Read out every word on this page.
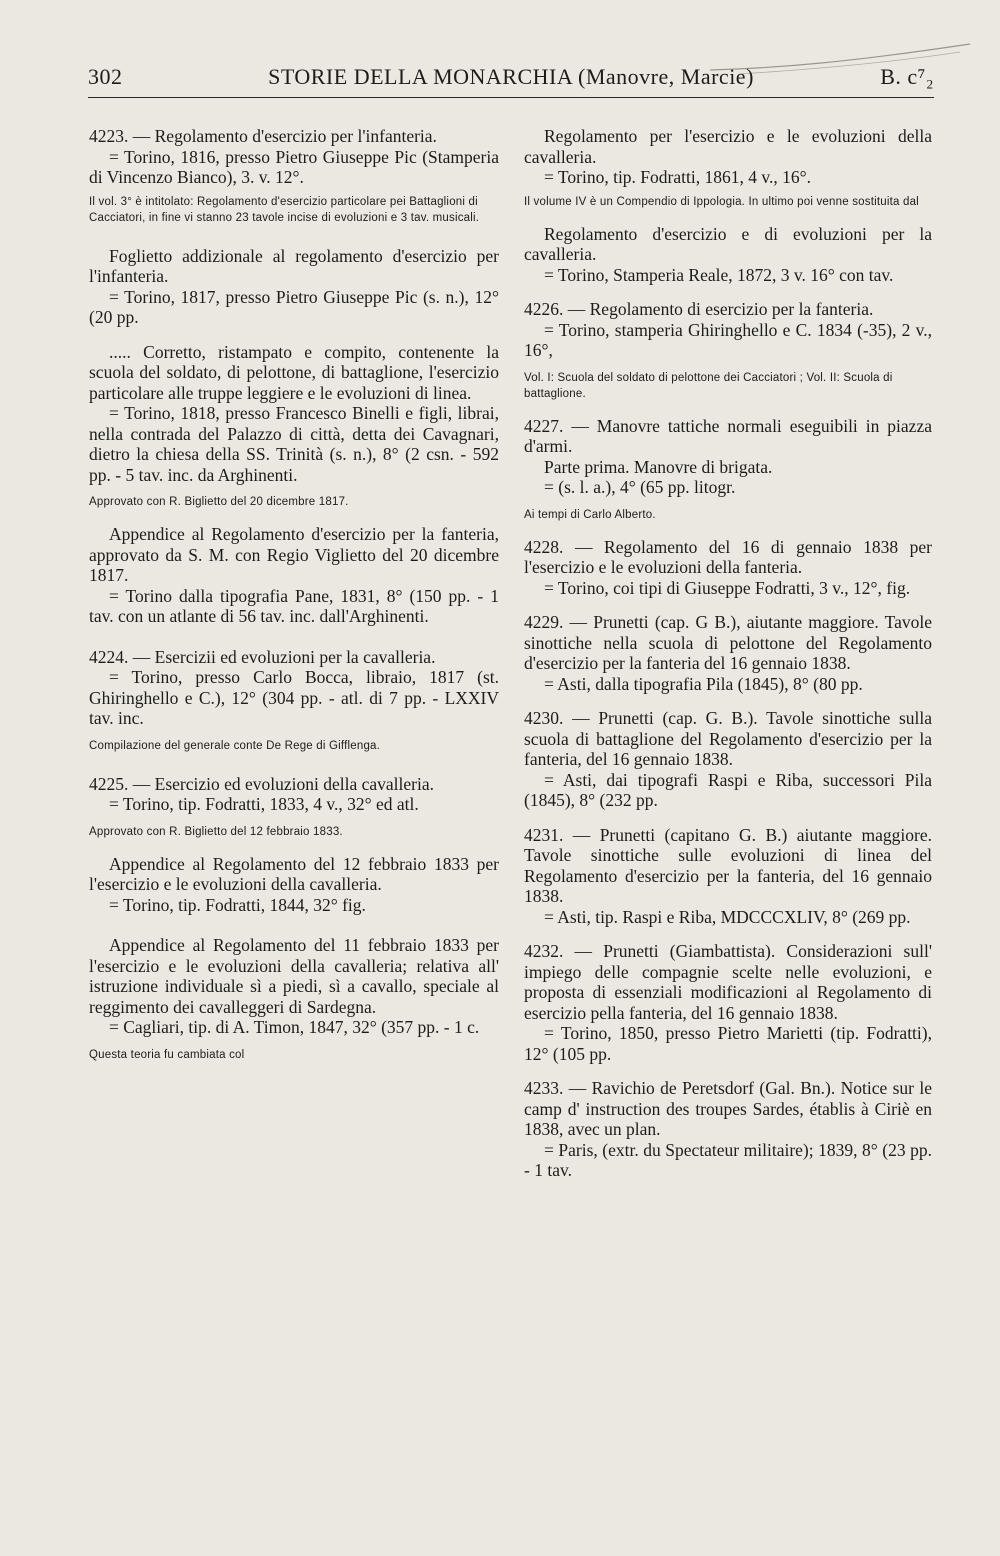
302	STORIE DELLA MONARCHIA (Manovre, Marcie)	B. c⁷₂

4223. — Regolamento d'esercizio per l'infanteria.

= Torino, 1816, presso Pietro Giuseppe Pic (Stamperia di Vincenzo Bianco), 3. v. 12°.

Il vol. 3° è intitolato: Regolamento d'esercizio particolare pei Battaglioni di Cacciatori, in fine vi stanno 23 tavole incise di evoluzioni e 3 tav. musicali.

Foglietto addizionale al regolamento d'esercizio per l'infanteria.

= Torino, 1817, presso Pietro Giuseppe Pic (s. n.), 12° (20 pp.

..... Corretto, ristampato e compito, contenente la scuola del soldato, di pelottone, di battaglione, l'esercizio particolare alle truppe leggiere e le evoluzioni di linea.

= Torino, 1818, presso Francesco Binelli e figli, librai, nella contrada del Palazzo di città, detta dei Cavagnari, dietro la chiesa della SS. Trinità (s. n.), 8° (2 csn. - 592 pp. - 5 tav. inc. da Arghinenti.

Approvato con R. Biglietto del 20 dicembre 1817.

Appendice al Regolamento d'esercizio per la fanteria, approvato da S. M. con Regio Viglietto del 20 dicembre 1817.

= Torino dalla tipografia Pane, 1831, 8° (150 pp. - 1 tav. con un atlante di 56 tav. inc. dall'Arghinenti.

4224. — Esercizii ed evoluzioni per la cavalleria.

= Torino, presso Carlo Bocca, libraio, 1817 (st. Ghiringhello e C.), 12° (304 pp. - atl. di 7 pp. - LXXIV tav. inc.

Compilazione del generale conte De Rege di Gifflenga.

4225. — Esercizio ed evoluzioni della cavalleria.

= Torino, tip. Fodratti, 1833, 4 v., 32° ed atl.

Approvato con R. Biglietto del 12 febbraio 1833.

Appendice al Regolamento del 12 febbraio 1833 per l'esercizio e le evoluzioni della cavalleria.

= Torino, tip. Fodratti, 1844, 32° fig.

Appendice al Regolamento del 11 febbraio 1833 per l'esercizio e le evoluzioni della cavalleria; relativa all' istruzione individuale sì a piedi, sì a cavallo, speciale al reggimento dei cavalleggeri di Sardegna.

= Cagliari, tip. di A. Timon, 1847, 32° (357 pp. - 1 c.

Questa teoria fu cambiata col

Regolamento per l'esercizio e le evoluzioni della cavalleria.

= Torino, tip. Fodratti, 1861, 4 v., 16°.

Il volume IV è un Compendio di Ippologia. In ultimo poi venne sostituita dal

Regolamento d'esercizio e di evoluzioni per la cavalleria.

= Torino, Stamperia Reale, 1872, 3 v. 16° con tav.

4226. — Regolamento di esercizio per la fanteria.

= Torino, stamperia Ghiringhello e C. 1834 (-35), 2 v., 16°,

Vol. I: Scuola del soldato di pelottone dei Cacciatori ; Vol. II: Scuola di battaglione.

4227. — Manovre tattiche normali eseguibili in piazza d'armi.

Parte prima. Manovre di brigata.

= (s. l. a.), 4° (65 pp. litogr.

Ai tempi di Carlo Alberto.

4228. — Regolamento del 16 di gennaio 1838 per l'esercizio e le evoluzioni della fanteria.

= Torino, coi tipi di Giuseppe Fodratti, 3 v., 12°, fig.

4229. — Prunetti (cap. G B.), aiutante maggiore. Tavole sinottiche nella scuola di pelottone del Regolamento d'esercizio per la fanteria del 16 gennaio 1838.

= Asti, dalla tipografia Pila (1845), 8° (80 pp.

4230. — Prunetti (cap. G. B.). Tavole sinottiche sulla scuola di battaglione del Regolamento d'esercizio per la fanteria, del 16 gennaio 1838.

= Asti, dai tipografi Raspi e Riba, successori Pila (1845), 8° (232 pp.

4231. — Prunetti (capitano G. B.) aiutante maggiore. Tavole sinottiche sulle evoluzioni di linea del Regolamento d'esercizio per la fanteria, del 16 gennaio 1838.

= Asti, tip. Raspi e Riba, MDCCCXLIV, 8° (269 pp.

4232. — Prunetti (Giambattista). Considerazioni sull' impiego delle compagnie scelte nelle evoluzioni, e proposta di essenziali modificazioni al Regolamento di esercizio pella fanteria, del 16 gennaio 1838.

= Torino, 1850, presso Pietro Marietti (tip. Fodratti), 12° (105 pp.

4233. — Ravichio de Peretsdorf (Gal. Bn.). Notice sur le camp d' instruction des troupes Sardes, établis à Ciriè en 1838, avec un plan.

= Paris, (extr. du Spectateur militaire); 1839, 8° (23 pp. - 1 tav.
